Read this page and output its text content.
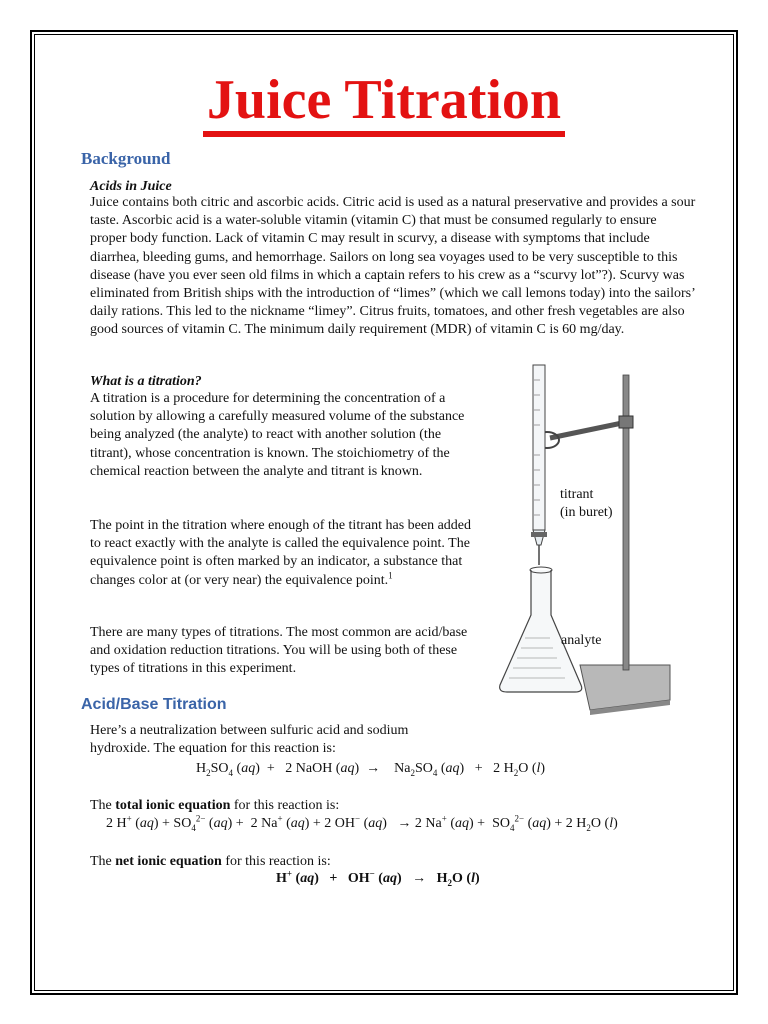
Juice Titration
Background
Acids in Juice

Juice contains both citric and ascorbic acids. Citric acid is used as a natural preservative and provides a sour taste. Ascorbic acid is a water-soluble vitamin (vitamin C) that must be consumed regularly to ensure proper body function. Lack of vitamin C may result in scurvy, a disease with symptoms that include diarrhea, bleeding gums, and hemorrhage. Sailors on long sea voyages used to be very susceptible to this disease (have you ever seen old films in which a captain refers to his crew as a “scurvy lot”?). Scurvy was eliminated from British ships with the introduction of “limes” (which we call lemons today) into the sailors’ daily rations. This led to the nickname “limey”. Citrus fruits, tomatoes, and other fresh vegetables are also good sources of vitamin C. The minimum daily requirement (MDR) of vitamin C is 60 mg/day.

What is a titration?

A titration is a procedure for determining the concentration of a solution by allowing a carefully measured volume of the substance being analyzed (the analyte) to react with another solution (the titrant), whose concentration is known. The stoichiometry of the chemical reaction between the analyte and titrant is known.

The point in the titration where enough of the titrant has been added to react exactly with the analyte is called the equivalence point. The equivalence point is often marked by an indicator, a substance that changes color at (or very near) the equivalence point.$^1$

There are many types of titrations. The most common are acid/base and oxidation reduction titrations. You will be using both of these types of titrations in this experiment.

titrant
(in buret)
analyte
Acid/Base Titration

Here’s a neutralization between sulfuric acid and sodium hydroxide. The equation for this reaction is:

$H_2SO_4$ (aq)  +   2 NaOH (aq)  →    $Na_2SO_4$ (aq)   +   2 $H_2O$ (l)
The total ionic equation for this reaction is:
2 H+ $(aq) + SO_4^{2-}$ (aq) +  2 Na+ (aq) + 2 OH− (aq)   → 2 Na+ $(aq) + SO_4^{2-}$ (aq) + 2 $H_2O$ (l)
The net ionic equation for this reaction is:
H+ (aq)   +   OH− $(aq) \to H_2O$ (l)
